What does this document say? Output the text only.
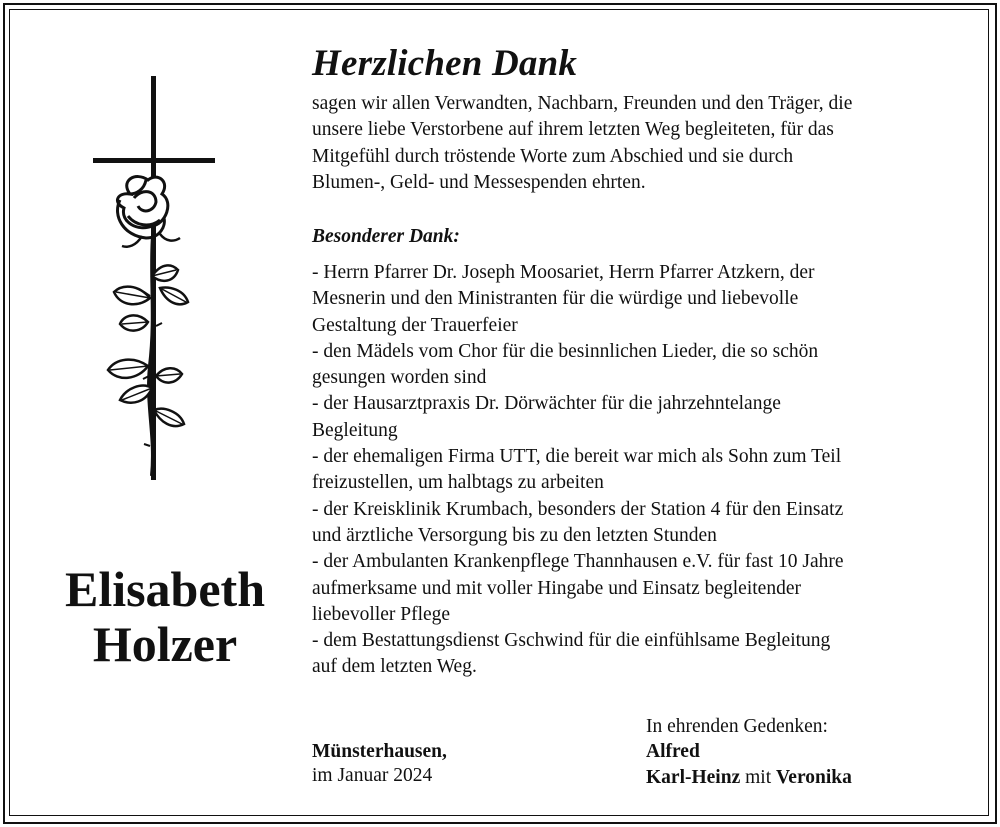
Herzlichen Dank
sagen wir allen Verwandten, Nachbarn, Freunden und den Träger, die
unsere liebe Verstorbene auf ihrem letzten Weg begleiteten, für das
Mitgefühl durch tröstende Worte zum Abschied und sie durch
Blumen-, Geld- und Messespenden ehrten.
Besonderer Dank:
- Herrn Pfarrer Dr. Joseph Moosariet, Herrn Pfarrer Atzkern, der
Mesnerin und den Ministranten für die würdige und liebevolle
Gestaltung der Trauerfeier
- den Mädels vom Chor für die besinnlichen Lieder, die so schön
gesungen worden sind
- der Hausarztpraxis Dr. Dörwächter für die jahrzehntelange
Begleitung
- der ehemaligen Firma UTT, die bereit war mich als Sohn zum Teil
freizustellen, um halbtags zu arbeiten
- der Kreisklinik Krumbach, besonders der Station 4 für den Einsatz
und ärztliche Versorgung bis zu den letzten Stunden
- der Ambulanten Krankenpflege Thannhausen e.V. für fast 10 Jahre
aufmerksame und mit voller Hingabe und Einsatz begleitender
liebevoller Pflege
- dem Bestattungsdienst Gschwind für die einfühlsame Begleitung
auf dem letzten Weg.
Elisabeth
Holzer
Münsterhausen,
im Januar 2024
In ehrenden Gedenken:
Alfred
Karl-Heinz mit Veronika
